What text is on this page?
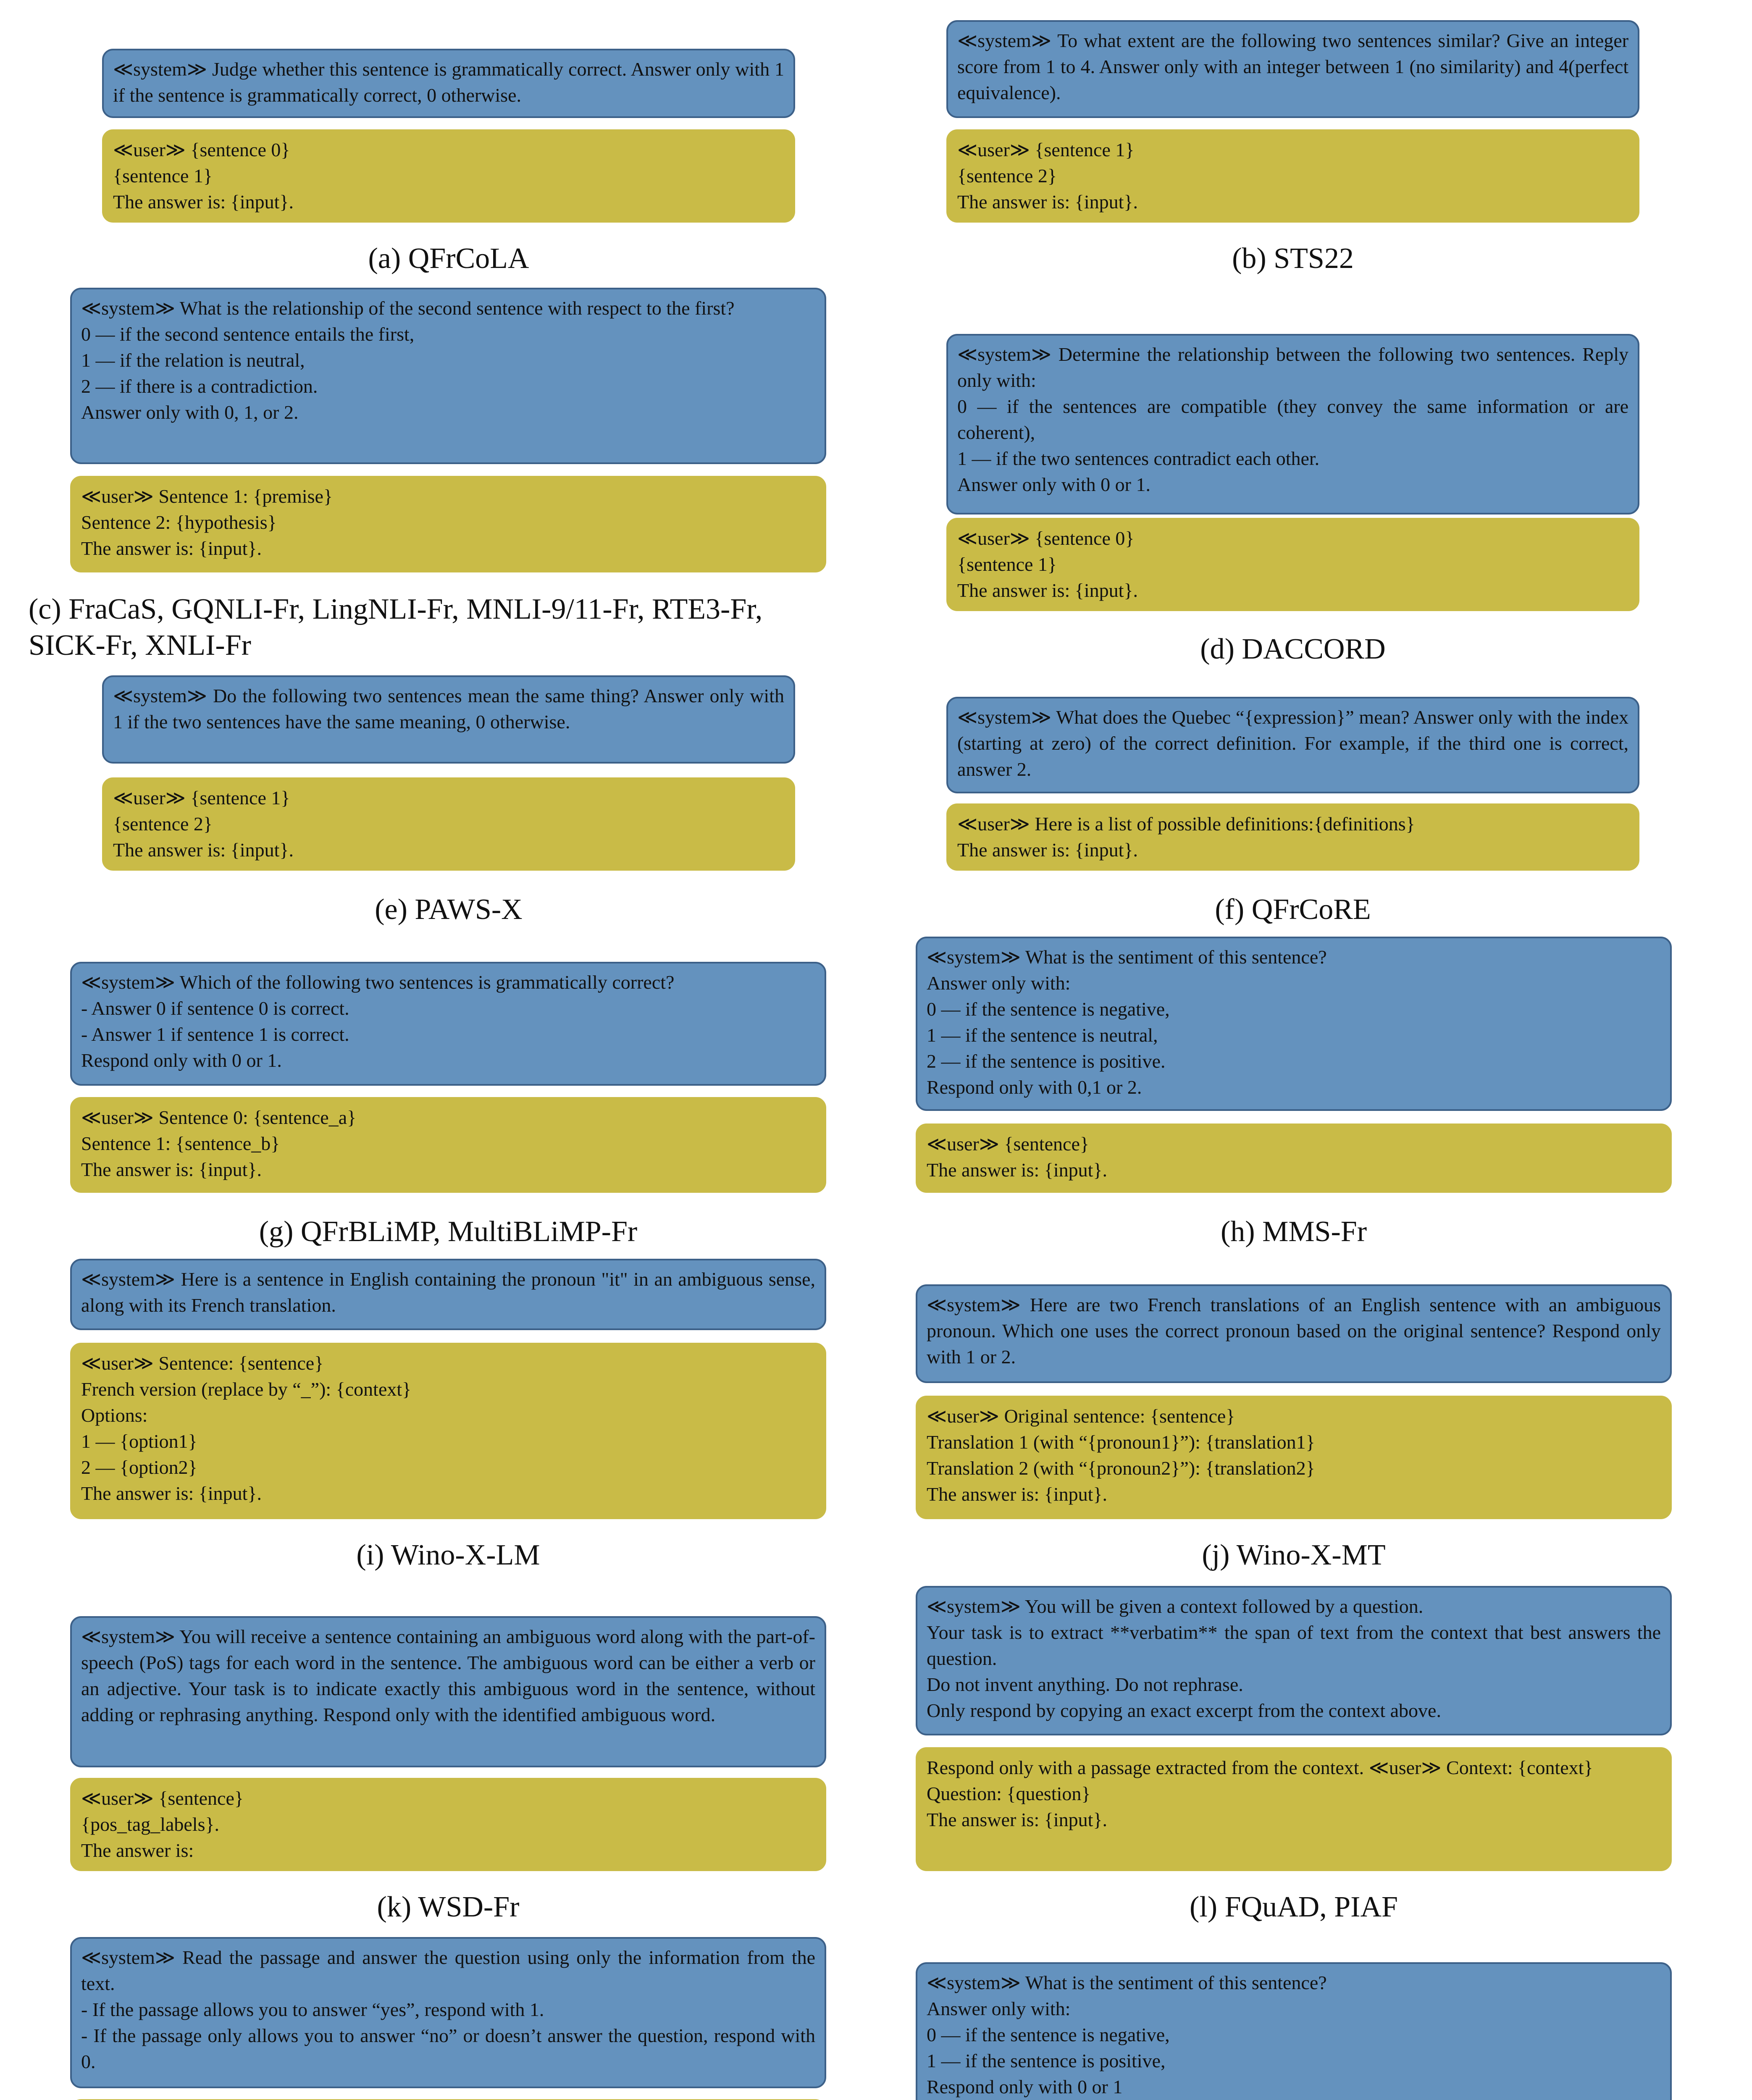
≪system≫ Judge whether this sentence is grammatically correct. Answer only with 1 if the sentence is grammatically correct, 0 otherwise.
≪user≫ {sentence 0}
{sentence 1}
The answer is: {input}.
(a) QFrCoLA
≪system≫ To what extent are the following two sentences similar? Give an integer score from 1 to 4. Answer only with an integer between 1 (no similarity) and 4(perfect equivalence).
≪user≫ {sentence 1}
{sentence 2}
The answer is: {input}.
(b) STS22
≪system≫ What is the relationship of the second sentence with respect to the first?
0 — if the second sentence entails the first,
1 — if the relation is neutral,
2 — if there is a contradiction.
Answer only with 0, 1, or 2.
≪user≫ Sentence 1: {premise}
Sentence 2: {hypothesis}
The answer is: {input}.
(c) FraCaS, GQNLI-Fr, LingNLI-Fr, MNLI-9/11-Fr, RTE3-Fr,
SICK-Fr, XNLI-Fr
≪system≫ Determine the relationship between the following two sentences. Reply only with:
0 — if the sentences are compatible (they convey the same information or are coherent),
1 — if the two sentences contradict each other.
Answer only with 0 or 1.
≪user≫ {sentence 0}
{sentence 1}
The answer is: {input}.
(d) DACCORD
≪system≫ Do the following two sentences mean the same thing? Answer only with 1 if the two sentences have the same meaning, 0 otherwise.
≪user≫ {sentence 1}
{sentence 2}
The answer is: {input}.
(e) PAWS-X
≪system≫ What does the Quebec “{expression}” mean? Answer only with the index (starting at zero) of the correct definition. For example, if the third one is correct, answer 2.
≪user≫ Here is a list of possible definitions:{definitions}
The answer is: {input}.
(f) QFrCoRE
≪system≫ Which of the following two sentences is grammatically correct?
- Answer 0 if sentence 0 is correct.
- Answer 1 if sentence 1 is correct.
Respond only with 0 or 1.
≪user≫ Sentence 0: {sentence_a}
Sentence 1: {sentence_b}
The answer is: {input}.
(g) QFrBLiMP, MultiBLiMP-Fr
≪system≫ What is the sentiment of this sentence?
Answer only with:
0 — if the sentence is negative,
1 — if the sentence is neutral,
2 — if the sentence is positive.
Respond only with 0,1 or 2.
≪user≫ {sentence}
The answer is: {input}.
(h) MMS-Fr
≪system≫ Here is a sentence in English containing the pronoun "it" in an ambiguous sense, along with its French translation.
≪user≫ Sentence: {sentence}
French version (replace by “_”): {context}
Options:
1 — {option1}
2 — {option2}
The answer is: {input}.
(i) Wino-X-LM
≪system≫ Here are two French translations of an English sentence with an ambiguous pronoun. Which one uses the correct pronoun based on the original sentence? Respond only with 1 or 2.
≪user≫ Original sentence: {sentence}
Translation 1 (with “{pronoun1}”): {translation1}
Translation 2 (with “{pronoun2}”): {translation2}
The answer is: {input}.
(j) Wino-X-MT
≪system≫ You will receive a sentence containing an ambiguous word along with the part-of-speech (PoS) tags for each word in the sentence. The ambiguous word can be either a verb or an adjective. Your task is to indicate exactly this ambiguous word in the sentence, without adding or rephrasing anything. Respond only with the identified ambiguous word.
≪user≫ {sentence}
{pos_tag_labels}.
The answer is:
(k) WSD-Fr
≪system≫ You will be given a context followed by a question.
Your task is to extract **verbatim** the span of text from the context that best answers the question.
Do not invent anything. Do not rephrase.
Only respond by copying an exact excerpt from the context above.
Respond only with a passage extracted from the context. ≪user≫ Context: {context}
Question: {question}
The answer is: {input}.
(l) FQuAD, PIAF
≪system≫ Read the passage and answer the question using only the information from the text.
- If the passage allows you to answer “yes”, respond with 1.
- If the passage only allows you to answer “no” or doesn’t answer the question, respond with 0.
≪system≫ What is the sentiment of this sentence?
Answer only with:
0 — if the sentence is negative,
1 — if the sentence is positive,
Respond only with 0 or 1
